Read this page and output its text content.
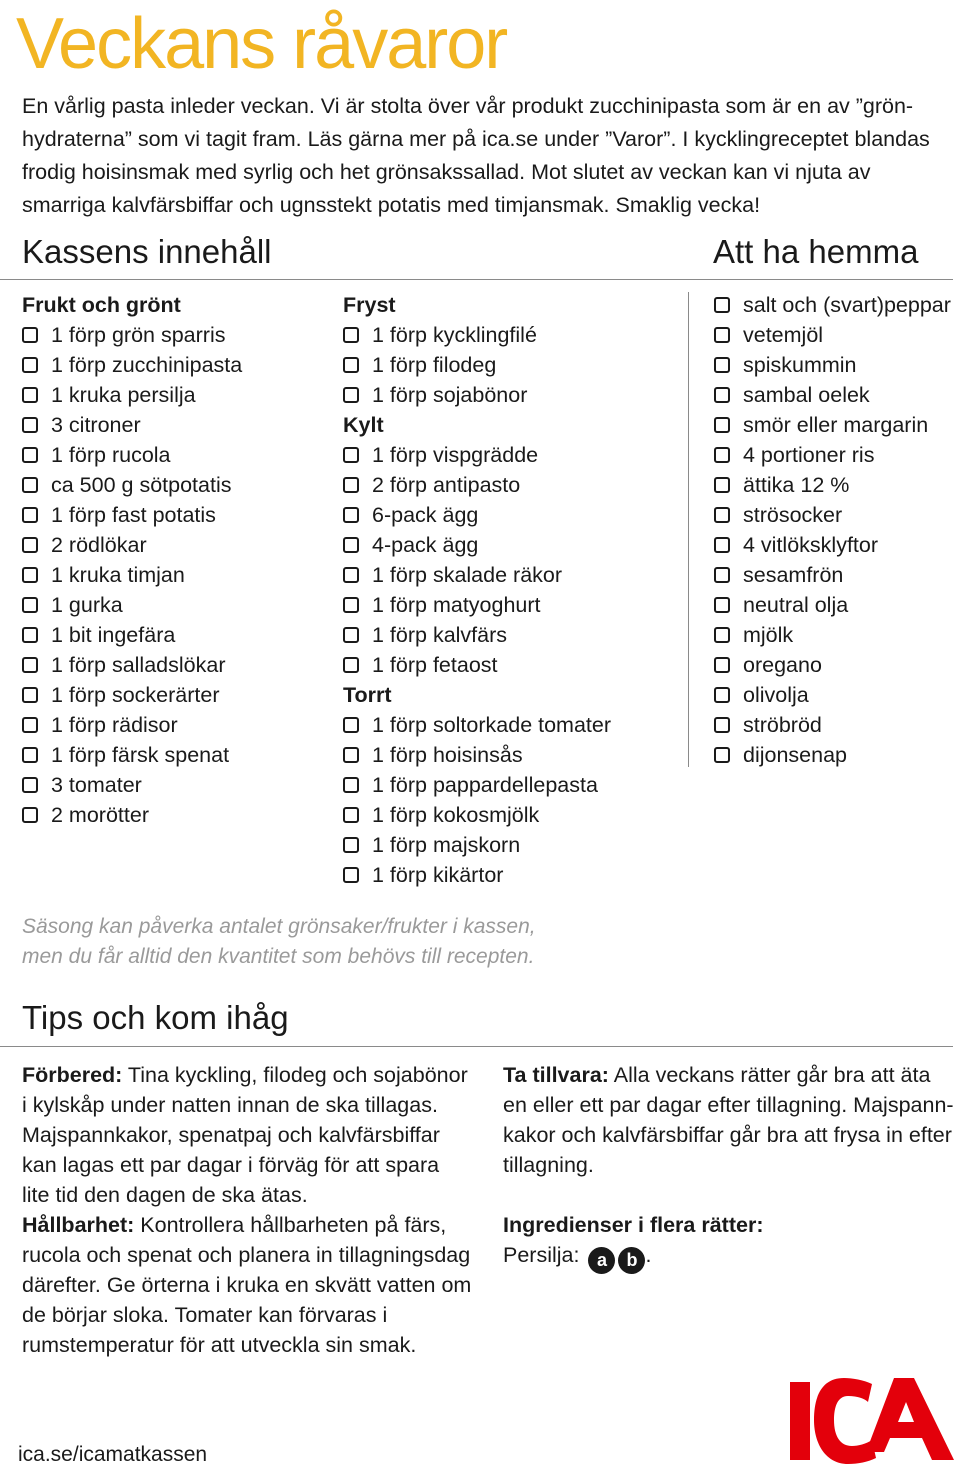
Veckans råvaror
En vårlig pasta inleder veckan. Vi är stolta över vår produkt zucchinipasta som är en av ”grön- hydraterna” som vi tagit fram. Läs gärna mer på ica.se under ”Varor”. I kycklingreceptet blandas frodig hoisinsmak med syrlig och het grönsakssallad. Mot slutet av veckan kan vi njuta av smarriga kalvfärsbiffar och ugnsstekt potatis med timjansmak. Smaklig vecka!
Kassens innehåll	Att ha hemma
Frukt och grönt
1 förp grön sparris
1 förp zucchinipasta
1 kruka persilja
3 citroner
1 förp rucola
ca 500 g sötpotatis
1 förp fast potatis
2 rödlökar
1 kruka timjan
1 gurka
1 bit ingefära
1 förp salladslökar
1 förp sockerärter
1 förp rädisor
1 förp färsk spenat
3 tomater
2 morötter
Fryst
1 förp kycklingfilé
1 förp filodeg
1 förp sojabönor
Kylt
1 förp vispgrädde
2 förp antipasto
6-pack ägg
4-pack ägg
1 förp skalade räkor
1 förp matyoghurt
1 förp kalvfärs
1 förp fetaost
Torrt
1 förp soltorkade tomater
1 förp hoisinsås
1 förp pappardellepasta
1 förp kokosmjölk
1 förp majskorn
1 förp kikärtor
salt och (svart)peppar
vetemjöl
spiskummin
sambal oelek
smör eller margarin
4 portioner ris
ättika 12 %
strösocker
4 vitlöksklyftor
sesamfrön
neutral olja
mjölk
oregano
olivolja
ströbröd
dijonsenap
Säsong kan påverka antalet grönsaker/frukter i kassen, men du får alltid den kvantitet som behövs till recepten.
Tips och kom ihåg
Förbered: Tina kyckling, filodeg och sojabönor i kylskåp under natten innan de ska tillagas. Majspannkakor, spenatpaj och kalvfärsbiffar kan lagas ett par dagar i förväg för att spara lite tid den dagen de ska ätas.
Hållbarhet: Kontrollera hållbarheten på färs, rucola och spenat och planera in tillagningsdag därefter. Ge örterna i kruka en skvätt vatten om de börjar sloka. Tomater kan förvaras i rumstemperatur för att utveckla sin smak.
Ta tillvara: Alla veckans rätter går bra att äta en eller ett par dagar efter tillagning. Majspann- kakor och kalvfärsbiffar går bra att frysa in efter tillagning.
Ingredienser i flera rätter:
Persilja: a b .
ica.se/icamatkassen
